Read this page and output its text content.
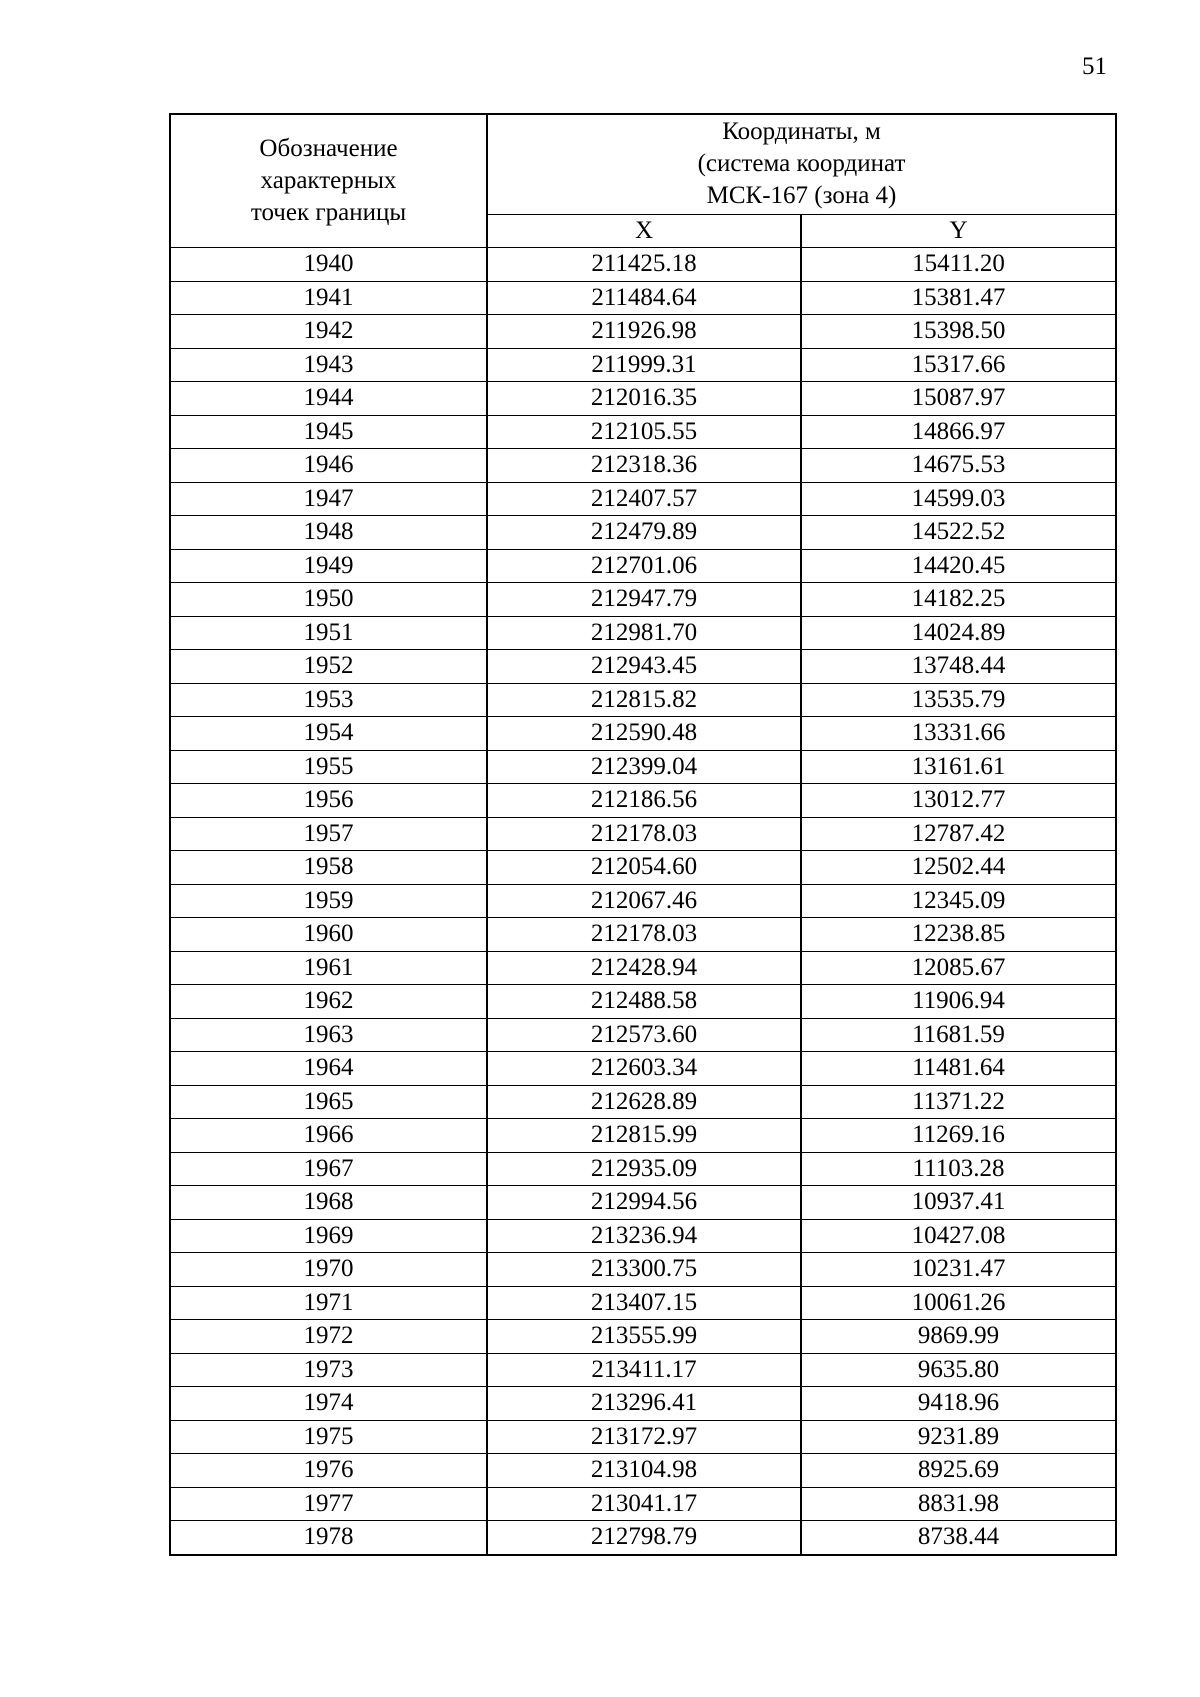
51
Обозначение
характерных
точек границы

Координаты, м
(система координат
МСК-167 (зона 4)

	X	Y
1940	211425.18	15411.20
1941	211484.64	15381.47
1942	211926.98	15398.50
1943	211999.31	15317.66
1944	212016.35	15087.97
1945	212105.55	14866.97
1946	212318.36	14675.53
1947	212407.57	14599.03
1948	212479.89	14522.52
1949	212701.06	14420.45
1950	212947.79	14182.25
1951	212981.70	14024.89
1952	212943.45	13748.44
1953	212815.82	13535.79
1954	212590.48	13331.66
1955	212399.04	13161.61
1956	212186.56	13012.77
1957	212178.03	12787.42
1958	212054.60	12502.44
1959	212067.46	12345.09
1960	212178.03	12238.85
1961	212428.94	12085.67
1962	212488.58	11906.94
1963	212573.60	11681.59
1964	212603.34	11481.64
1965	212628.89	11371.22
1966	212815.99	11269.16
1967	212935.09	11103.28
1968	212994.56	10937.41
1969	213236.94	10427.08
1970	213300.75	10231.47
1971	213407.15	10061.26
1972	213555.99	9869.99
1973	213411.17	9635.80
1974	213296.41	9418.96
1975	213172.97	9231.89
1976	213104.98	8925.69
1977	213041.17	8831.98
1978	212798.79	8738.44
